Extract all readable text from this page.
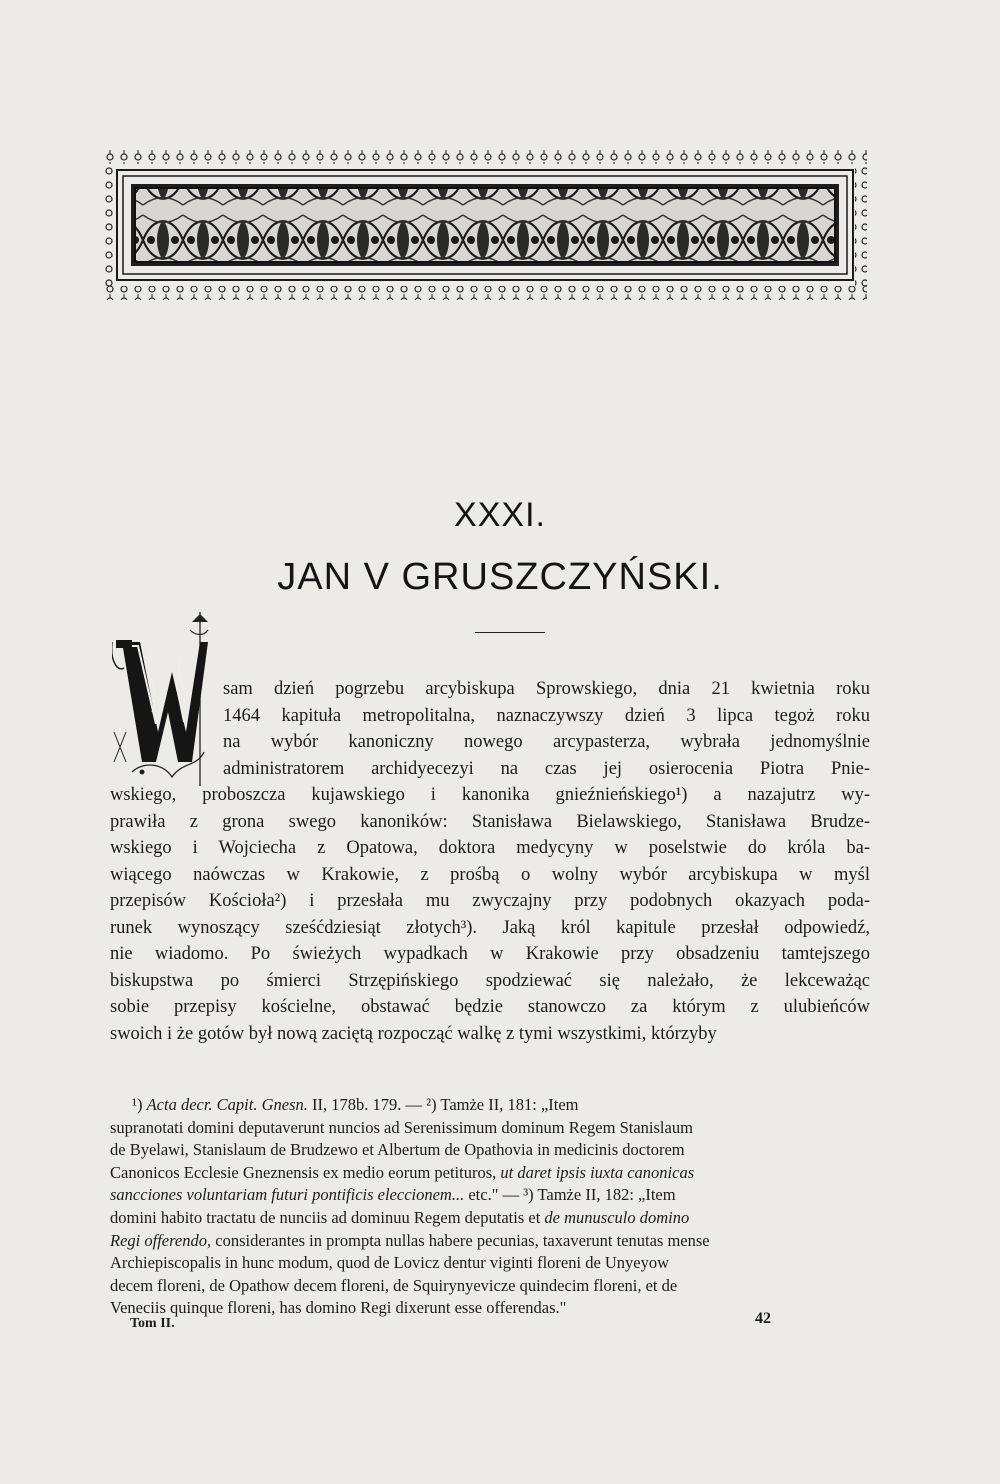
XXXI.
JAN V GRUSZCZYŃSKI.
sam dzień pogrzebu arcybiskupa Sprowskiego, dnia 21 kwietnia roku
1464 kapituła metropolitalna, naznaczywszy dzień 3 lipca tegoż roku
na wybór kanoniczny nowego arcypasterza, wybrała jednomyślnie
administratorem archidyecezyi na czas jej osierocenia Piotra Pnie-
wskiego, proboszcza kujawskiego i kanonika gnieźnieńskiego¹) a nazajutrz wy-
prawiła z grona swego kanoników: Stanisława Bielawskiego, Stanisława Brudze-
wskiego i Wojciecha z Opatowa, doktora medycyny w poselstwie do króla ba-
wiącego naówczas w Krakowie, z prośbą o wolny wybór arcybiskupa w myśl
przepisów Kościoła²) i przesłała mu zwyczajny przy podobnych okazyach poda-
runek wynoszący sześćdziesiąt złotych³). Jaką król kapitule przesłał odpowiedź,
nie wiadomo. Po świeżych wypadkach w Krakowie przy obsadzeniu tamtejszego
biskupstwa po śmierci Strzępińskiego spodziewać się należało, że lekceważąc
sobie przepisy kościelne, obstawać będzie stanowczo za którym z ulubieńców
swoich i że gotów był nową zaciętą rozpocząć walkę z tymi wszystkimi, którzyby
¹) Acta decr. Capit. Gnesn. II, 178b. 179. — ²) Tamże II, 181: „Item
supranotati domini deputaverunt nuncios ad Serenissimum dominum Regem Stanislaum
de Byelawi, Stanislaum de Brudzewo et Albertum de Opathovia in medicinis doctorem
Canonicos Ecclesie Gneznensis ex medio eorum petituros, ut daret ipsis iuxta canonicas
sancciones voluntariam futuri pontificis eleccionem... etc." — ³) Tamże II, 182: „Item
domini habito tractatu de nunciis ad dominuu Regem deputatis et de munusculo domino
Regi offerendo, considerantes in prompta nullas habere pecunias, taxaverunt tenutas mense
Archiepiscopalis in hunc modum, quod de Lovicz dentur viginti floreni de Unyeyow
decem floreni, de Opathow decem floreni, de Squirynyevicze quindecim floreni, et de
Veneciis quinque floreni, has domino Regi dixerunt esse offerendas."
Tom II.	42
